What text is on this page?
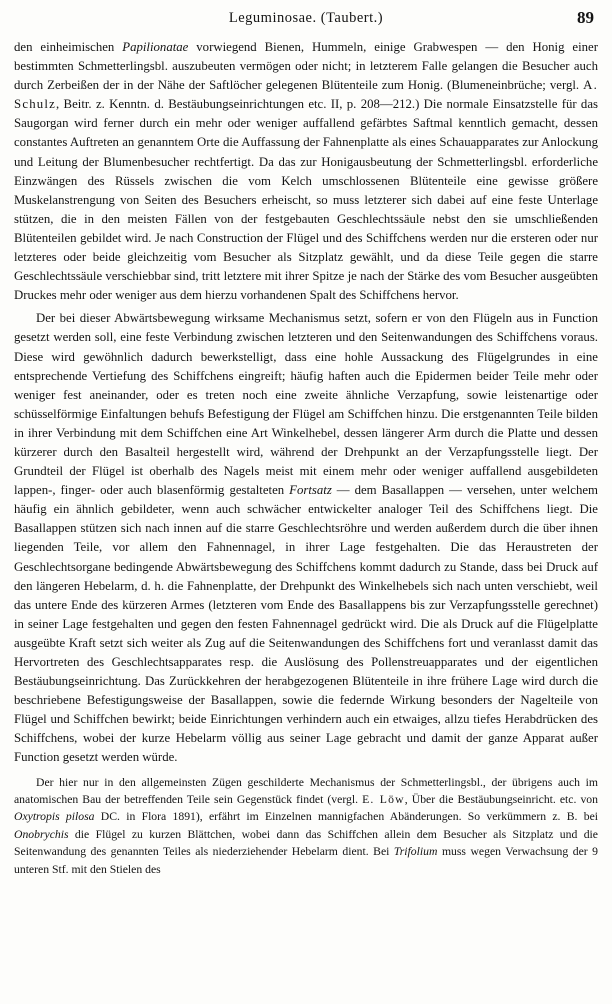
Leguminosae. (Taubert.)	89

den einheimischen Papilionatae vorwiegend Bienen, Hummeln, einige Grabwespen — den Honig einer bestimmten Schmetterlingsbl. auszubeuten vermögen oder nicht; in letzterem Falle gelangen die Besucher auch durch Zerbeißen der in der Nähe der Saftlöcher gelegenen Blütenteile zum Honig. (Blumeneinbrüche; vergl. A. Schulz, Beitr. z. Kenntn. d. Bestäubungseinrichtungen etc. II, p. 208—212.) Die normale Einsatzstelle für das Saugorgan wird ferner durch ein mehr oder weniger auffallend gefärbtes Saftmal kenntlich gemacht, dessen constantes Auftreten an genanntem Orte die Auffassung der Fahnenplatte als eines Schauapparates zur Anlockung und Leitung der Blumenbesucher rechtfertigt. Da das zur Honigausbeutung der Schmetterlingsbl. erforderliche Einzwängen des Rüssels zwischen die vom Kelch umschlossenen Blütenteile eine gewisse größere Muskelanstrengung von Seiten des Besuchers erheischt, so muss letzterer sich dabei auf eine feste Unterlage stützen, die in den meisten Fällen von der festgebauten Geschlechtssäule nebst den sie umschließenden Blütenteilen gebildet wird. Je nach Construction der Flügel und des Schiffchens werden nur die ersteren oder nur letzteres oder beide gleichzeitig vom Besucher als Sitzplatz gewählt, und da diese Teile gegen die starre Geschlechtssäule verschiebbar sind, tritt letztere mit ihrer Spitze je nach der Stärke des vom Besucher ausgeübten Druckes mehr oder weniger aus dem hierzu vorhandenen Spalt des Schiffchens hervor.

Der bei dieser Abwärtsbewegung wirksame Mechanismus setzt, sofern er von den Flügeln aus in Function gesetzt werden soll, eine feste Verbindung zwischen letzteren und den Seitenwandungen des Schiffchens voraus. Diese wird gewöhnlich dadurch bewerkstelligt, dass eine hohle Aussackung des Flügelgrundes in eine entsprechende Vertiefung des Schiffchens eingreift; häufig haften auch die Epidermen beider Teile mehr oder weniger fest aneinander, oder es treten noch eine zweite ähnliche Verzapfung, sowie leistenartige oder schüsselförmige Einfaltungen behufs Befestigung der Flügel am Schiffchen hinzu. Die erstgenannten Teile bilden in ihrer Verbindung mit dem Schiffchen eine Art Winkelhebel, dessen längerer Arm durch die Platte und dessen kürzerer durch den Basalteil hergestellt wird, während der Drehpunkt an der Verzapfungsstelle liegt. Der Grundteil der Flügel ist oberhalb des Nagels meist mit einem mehr oder weniger auffallend ausgebildeten lappen-, finger- oder auch blasenförmig gestalteten Fortsatz — dem Basallappen — versehen, unter welchem häufig ein ähnlich gebildeter, wenn auch schwächer entwickelter analoger Teil des Schiffchens liegt. Die Basallappen stützen sich nach innen auf die starre Geschlechtsröhre und werden außerdem durch die über ihnen liegenden Teile, vor allem den Fahnennagel, in ihrer Lage festgehalten. Die das Heraustreten der Geschlechtsorgane bedingende Abwärtsbewegung des Schiffchens kommt dadurch zu Stande, dass bei Druck auf den längeren Hebelarm, d. h. die Fahnenplatte, der Drehpunkt des Winkelhebels sich nach unten verschiebt, weil das untere Ende des kürzeren Armes (letzteren vom Ende des Basallappens bis zur Verzapfungsstelle gerechnet) in seiner Lage festgehalten und gegen den festen Fahnennagel gedrückt wird. Die als Druck auf die Flügelplatte ausgeübte Kraft setzt sich weiter als Zug auf die Seitenwandungen des Schiffchens fort und veranlasst damit das Hervortreten des Geschlechtsapparates resp. die Auslösung des Pollenstreuapparates und der eigentlichen Bestäubungseinrichtung. Das Zurückkehren der herabgezogenen Blütenteile in ihre frühere Lage wird durch die beschriebene Befestigungsweise der Basallappen, sowie die federnde Wirkung besonders der Nagelteile von Flügel und Schiffchen bewirkt; beide Einrichtungen verhindern auch ein etwaiges, allzu tiefes Herabdrücken des Schiffchens, wobei der kurze Hebelarm völlig aus seiner Lage gebracht und damit der ganze Apparat außer Function gesetzt werden würde.

Der hier nur in den allgemeinsten Zügen geschilderte Mechanismus der Schmetterlingsbl., der übrigens auch im anatomischen Bau der betreffenden Teile sein Gegenstück findet (vergl. E. Löw, Über die Bestäubungseinricht. etc. von Oxytropis pilosa DC. in Flora 1891), erfährt im Einzelnen mannigfachen Abänderungen. So verkümmern z. B. bei Onobrychis die Flügel zu kurzen Blättchen, wobei dann das Schiffchen allein dem Besucher als Sitzplatz und die Seitenwandung des genannten Teiles als niederziehender Hebelarm dient. Bei Trifolium muss wegen Verwachsung der 9 unteren Stf. mit den Stielen des
